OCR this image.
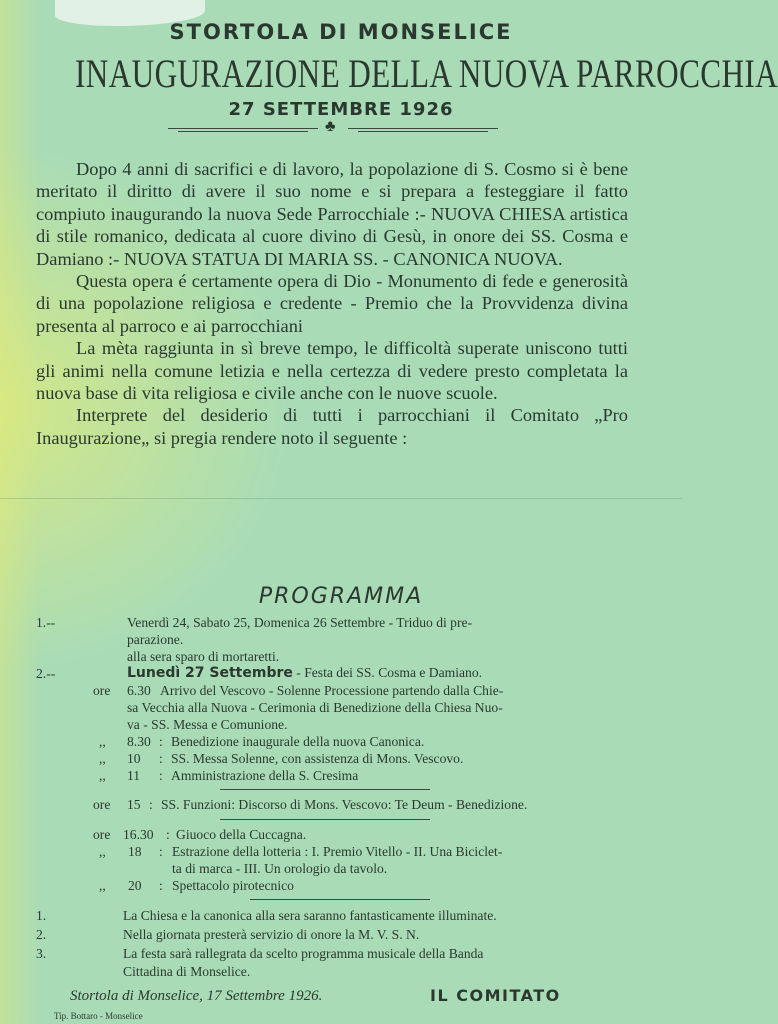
STORTOLA DI MONSELICE
INAUGURAZIONE DELLA NUOVA PARROCCHIA
27 SETTEMBRE 1926
♣

Dopo 4 anni di sacrifici e di lavoro, la popolazione di S. Cosmo si è bene meritato il diritto di avere il suo nome e si prepara a festeggiare il fatto compiuto inaugurando la nuova Sede Parrocchiale :- NUOVA CHIESA artistica di stile romanico, dedicata al cuore divino di Gesù, in onore dei SS. Cosma e Damiano :- NUOVA STATUA DI MARIA SS. - CANONICA NUOVA.

Questa opera é certamente opera di Dio - Monumento di fede e generosità di una popolazione religiosa e credente - Premio che la Provvidenza divina presenta al parroco e ai parrocchiani

La mèta raggiunta in sì breve tempo, le difficoltà superate uniscono tutti gli animi nella comune letizia e nella certezza di vedere presto completata la nuova base di vita religiosa e civile anche con le nuove scuole.

Interprete del desiderio di tutti i parrocchiani il Comitato „Pro Inaugurazione„ si pregia rendere noto il seguente :

PROGRAMMA
1.--	Venerdì 24, Sabato 25, Domenica 26 Settembre - Triduo di pre-
parazione.
alla sera sparo di mortaretti.
2.--	Lunedì 27 Settembre - Festa dei SS. Cosma e Damiano.
ore 6.30 Arrivo del Vescovo - Solenne Processione partendo dalla Chie-
sa Vecchia alla Nuova - Cerimonia di Benedizione della Chiesa Nuo-
va - SS. Messa e Comunione.
,, 8.30 : Benedizione inaugurale della nuova Canonica.
,, 10 : SS. Messa Solenne, con assistenza di Mons. Vescovo.
,, 11 : Amministrazione della S. Cresima
ore 15 : SS. Funzioni: Discorso di Mons. Vescovo: Te Deum - Benedizione.
ore 16.30 : Giuoco della Cuccagna.
,, 18 : Estrazione della lotteria : I. Premio Vitello - II. Una Biciclet-
ta di marca - III. Un orologio da tavolo.
,, 20 : Spettacolo pirotecnico
1.	La Chiesa e la canonica alla sera saranno fantasticamente illuminate.
2.	Nella giornata presterà servizio di onore la M. V. S. N.
3.	La festa sarà rallegrata da scelto programma musicale della Banda
Cittadina di Monselice.
Stortola di Monselice, 17 Settembre 1926.	IL COMITATO
Tip. Bottaro - Monselice
